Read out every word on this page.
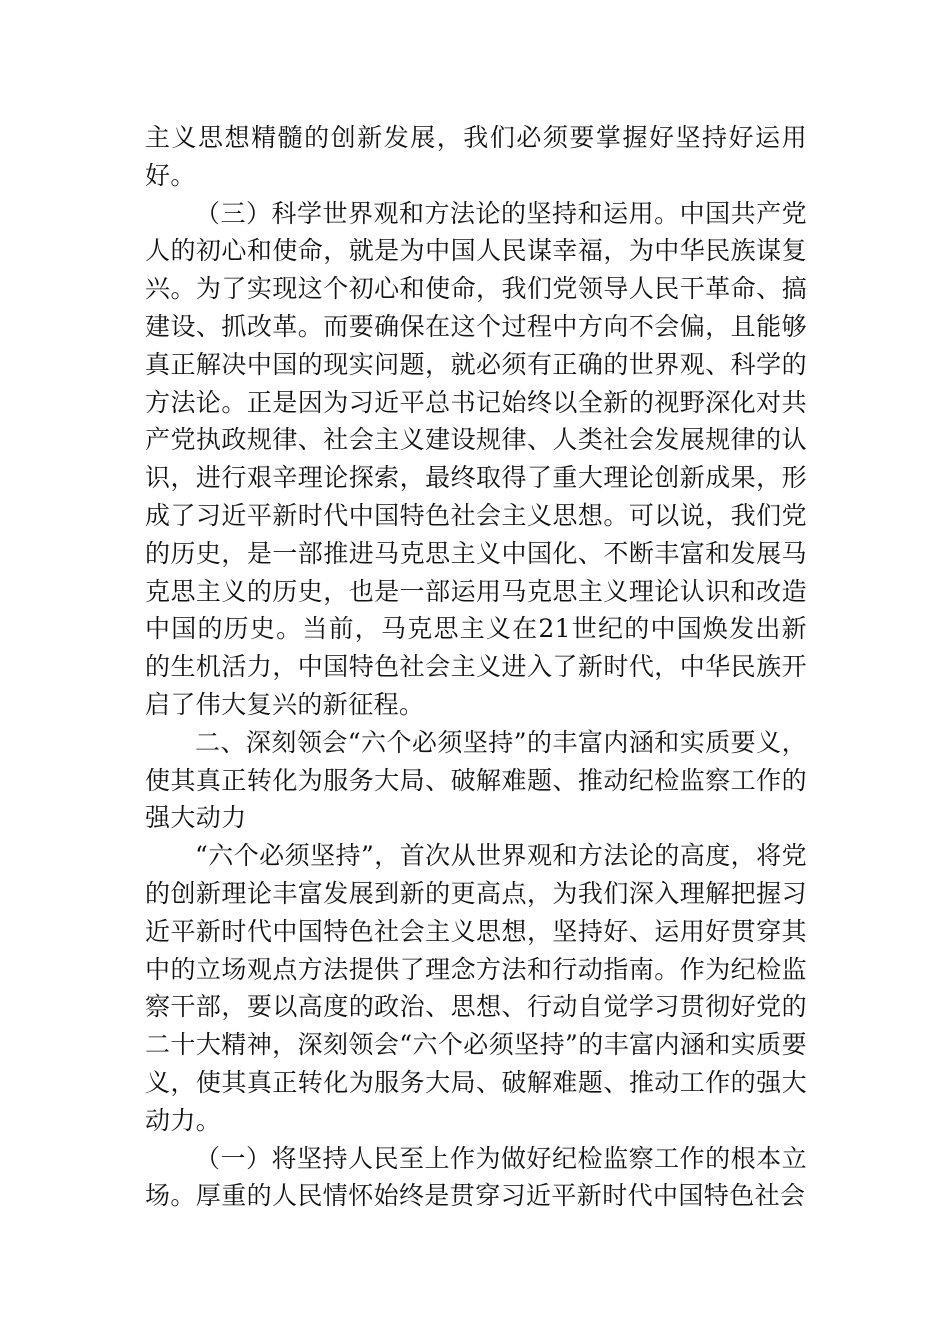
主义思想精髓的创新发展，我们必须要掌握好坚持好运用好。

（三）科学世界观和方法论的坚持和运用。中国共产党人的初心和使命，就是为中国人民谋幸福，为中华民族谋复兴。为了实现这个初心和使命，我们党领导人民干革命、搞建设、抓改革。而要确保在这个过程中方向不会偏，且能够真正解决中国的现实问题，就必须有正确的世界观、科学的方法论。正是因为习近平总书记始终以全新的视野深化对共产党执政规律、社会主义建设规律、人类社会发展规律的认识，进行艰辛理论探索，最终取得了重大理论创新成果，形成了习近平新时代中国特色社会主义思想。可以说，我们党的历史，是一部推进马克思主义中国化、不断丰富和发展马克思主义的历史，也是一部运用马克思主义理论认识和改造中国的历史。当前，马克思主义在21世纪的中国焕发出新的生机活力，中国特色社会主义进入了新时代，中华民族开启了伟大复兴的新征程。

二、深刻领会“六个必须坚持”的丰富内涵和实质要义，使其真正转化为服务大局、破解难题、推动纪检监察工作的强大动力

“六个必须坚持”，首次从世界观和方法论的高度，将党的创新理论丰富发展到新的更高点，为我们深入理解把握习近平新时代中国特色社会主义思想，坚持好、运用好贯穿其中的立场观点方法提供了理念方法和行动指南。作为纪检监察干部，要以高度的政治、思想、行动自觉学习贯彻好党的二十大精神，深刻领会“六个必须坚持”的丰富内涵和实质要义，使其真正转化为服务大局、破解难题、推动工作的强大动力。

（一）将坚持人民至上作为做好纪检监察工作的根本立场。厚重的人民情怀始终是贯穿习近平新时代中国特色社会
